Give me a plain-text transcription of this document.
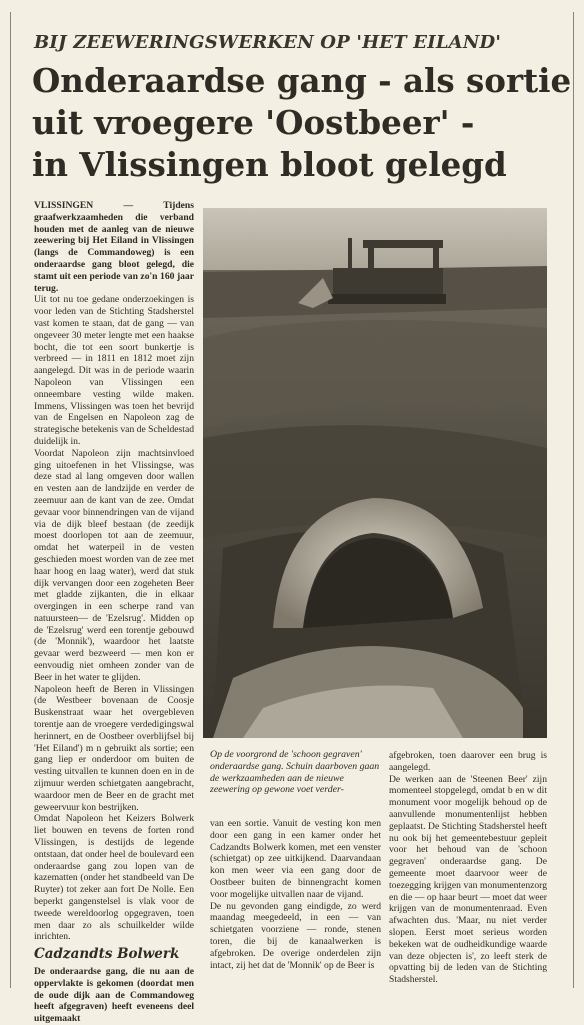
BIJ ZEEWERINGSWERKEN OP 'HET EILAND'
Onderaardse gang - als sortie
uit vroegere 'Oostbeer' -
in Vlissingen bloot gelegd

VLISSINGEN — Tijdens graafwerkzaamheden die verband houden met de aanleg van de nieuwe zeewering bij Het Eiland in Vlissingen (langs de Commandoweg) is een onderaardse gang bloot gelegd, die stamt uit een periode van zo'n 160 jaar terug.

Uit tot nu toe gedane onderzoekingen is voor leden van de Stichting Stadsherstel vast komen te staan, dat de gang — van ongeveer 30 meter lengte met een haakse bocht, die tot een soort bunkertje is verbreed — in 1811 en 1812 moet zijn aangelegd. Dit was in de periode waarin Napoleon van Vlissingen een onneembare vesting wilde maken. Immens, Vlissingen was toen het bevrijd van de Engelsen en Napoleon zag de strategische betekenis van de Scheldestad duidelijk in.

Voordat Napoleon zijn machtsinvloed ging uitoefenen in het Vlissingse, was deze stad al lang omgeven door wallen en vesten aan de landzijde en verder de zeemuur aan de kant van de zee. Omdat gevaar voor binnendringen van de vijand via de dijk bleef bestaan (de zeedijk moest doorlopen tot aan de zeemuur, omdat het waterpeil in de vesten geschieden moest worden van de zee met haar hoog en laag water), werd dat stuk dijk vervangen door een zogeheten Beer met gladde zijkanten, die in elkaar overgingen in een scherpe rand van natuursteen— de 'Ezelsrug'. Midden op de 'Ezelsrug' werd een torentje gebouwd (de 'Monnik'), waardoor het laatste gevaar werd bezweerd — men kon er eenvoudig niet omheen zonder van de Beer in het water te glijden.

Napoleon heeft de Beren in Vlissingen (de Westbeer bovenaan de Coosje Buskenstraat waar het overgebleven torentje aan de vroegere verdedigingswal herinnert, en de Oostbeer overblijfsel bij 'Het Eiland') m n gebruikt als sortie; een gang liep er onderdoor om buiten de vesting uitvallen te kunnen doen en in de zijmuur werden schietgaten aangebracht, waardoor men de Beer en de gracht met geweervuur kon bestrijken.

Omdat Napoleon het Keizers Bolwerk liet bouwen en tevens de forten rond Vlissingen, is destijds de legende ontstaan, dat onder heel de boulevard een onderaardse gang zou lopen van de kazematten (onder het standbeeld van De Ruyter) tot zeker aan fort De Nolle. Een beperkt gangenstelsel is vlak voor de tweede wereldoorlog opgegraven, toen men daar zo als schuilkelder wilde inrichten.

Cadzandts Bolwerk

De onderaardse gang, die nu aan de oppervlakte is gekomen (doordat men de oude dijk aan de Commandoweg heeft afgegraven) heeft eveneens deel uitgemaakt

Op de voorgrond de 'schoon gegraven' onderaardse gang. Schuin daarboven gaan de werkzaamheden aan de nieuwe zeewering op gewone voet verder-

van een sortie. Vanuit de vesting kon men door een gang in een kamer onder het Cadzandts Bolwerk komen, met een venster (schietgat) op zee uitkijkend. Daarvandaan kon men weer via een gang door de Oostbeer buiten de binnengracht komen voor mogelijke uitvallen naar de vijand.

De nu gevonden gang eindigde, zo werd maandag meegedeeld, in een — van schietgaten voorziene — ronde, stenen toren, die bij de kanaalwerken is afgebroken. De overige onderdelen zijn intact, zij het dat de 'Monnik' op de Beer is

afgebroken, toen daarover een brug is aangelegd.

De werken aan de 'Steenen Beer' zijn momenteel stopgelegd, omdat b en w dit monument voor mogelijk behoud op de aanvullende monumentenlijst hebben geplaatst. De Stichting Stadsherstel heeft nu ook bij het gemeentebestuur gepleit voor het behoud van de 'schoon gegraven' onderaardse gang. De gemeente moet daarvoor weer de toezegging krijgen van monumentenzorg en die — op haar beurt — moet dat weer krijgen van de monumentenraad. Even afwachten dus. 'Maar, nu niet verder slopen. Eerst moet serieus worden bekeken wat de oudheidkundige waarde van deze objecten is', zo leeft sterk de opvatting bij de leden van de Stichting Stadsherstel.
